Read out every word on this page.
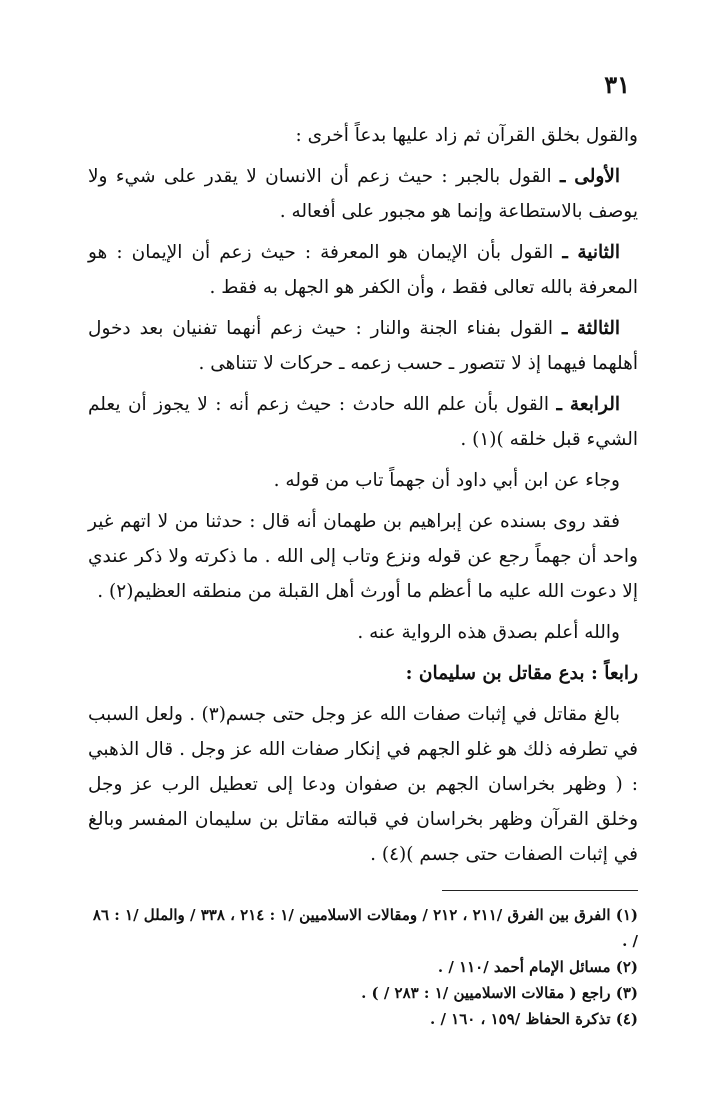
٣١

والقول بخلق القرآن ثم زاد عليها بدعاً أخرى :

الأولى ـ القول بالجبر : حيث زعم أن الانسان لا يقدر على شيء ولا يوصف بالاستطاعة وإنما هو مجبور على أفعاله .

الثانية ـ القول بأن الإيمان هو المعرفة : حيث زعم أن الإيمان : هو المعرفة بالله تعالى فقط ، وأن الكفر هو الجهل به فقط .

الثالثة ـ القول بفناء الجنة والنار : حيث زعم أنهما تفنيان بعد دخول أهلهما فيهما إذ لا تتصور ـ حسب زعمه ـ حركات لا تتناهى .

الرابعة ـ القول بأن علم الله حادث : حيث زعم أنه : لا يجوز أن يعلم الشيء قبل خلقه )(١) .

وجاء عن ابن أبي داود أن جهماً تاب من قوله .

فقد روى بسنده عن إبراهيم بن طهمان أنه قال : حدثنا من لا اتهم غير واحد أن جهماً رجع عن قوله ونزع وتاب إلى الله . ما ذكرته ولا ذكر عندي إلا دعوت الله عليه ما أعظم ما أورث أهل القبلة من منطقه العظيم(٢) .

والله أعلم بصدق هذه الرواية عنه .

رابعاً : بدع مقاتل بن سليمان :

بالغ مقاتل في إثبات صفات الله عز وجل حتى جسم(٣) . ولعل السبب في تطرفه ذلك هو غلو الجهم في إنكار صفات الله عز وجل . قال الذهبي : ( وظهر بخراسان الجهم بن صفوان ودعا إلى تعطيل الرب عز وجل وخلق القرآن وظهر بخراسان في قبالته مقاتل بن سليمان المفسر وبالغ في إثبات الصفات حتى جسم )(٤) .

(١) الفرق بين الفرق /٢١١ ، ٢١٢ / ومقالات الاسلاميين /١ : ٢١٤ ، ٣٣٨ / والملل /١ : ٨٦ / .

(٢) مسائل الإمام أحمد /١١٠ / .

(٣) راجع ( مقالات الاسلاميين /١ : ٢٨٣ / ) .

(٤) تذكرة الحفاظ /١٥٩ ، ١٦٠ / .
